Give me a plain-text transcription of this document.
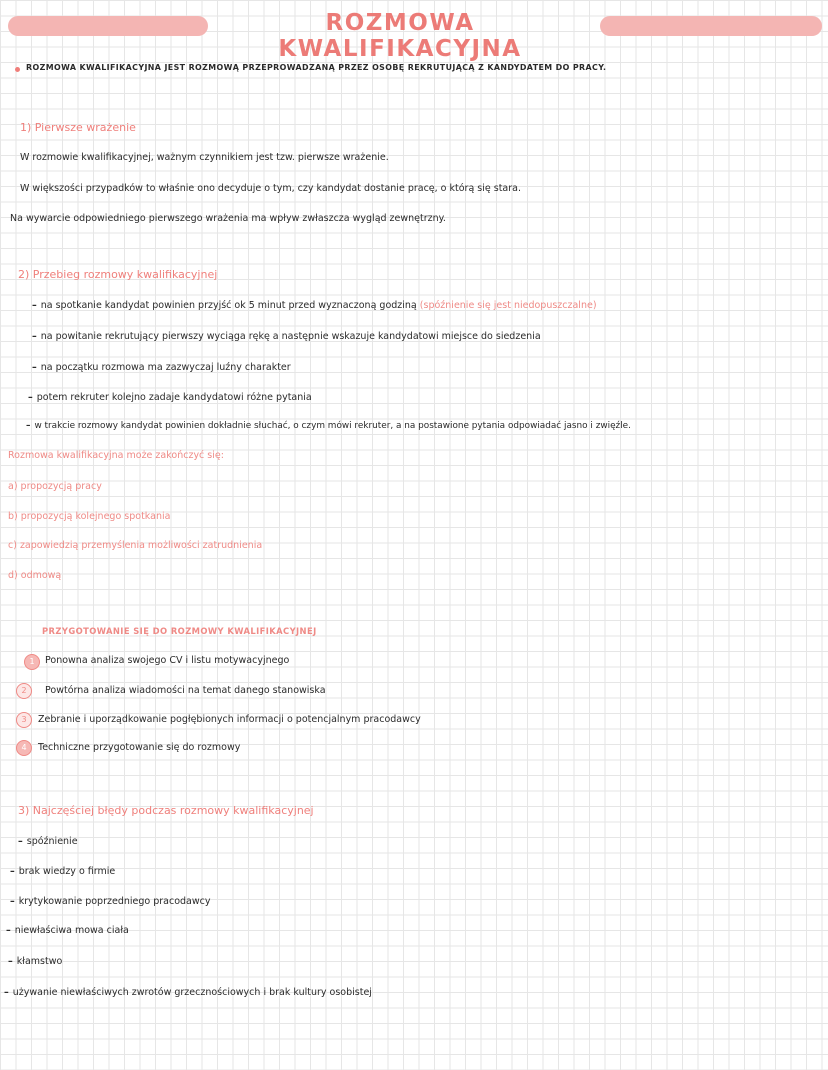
ROZMOWA KWALIFIKACYJNA
ROZMOWA KWALIFIKACYJNA JEST ROZMOWĄ PRZEPROWADZANĄ PRZEZ OSOBĘ REKRUTUJĄCĄ Z KANDYDATEM DO PRACY.
1) Pierwsze wrażenie
W rozmowie kwalifikacyjnej, ważnym czynnikiem jest tzw. pierwsze wrażenie.
W większości przypadków to właśnie ono decyduje o tym, czy kandydat dostanie pracę, o którą się stara.
Na wywarcie odpowiedniego pierwszego wrażenia ma wpływ zwłaszcza wygląd zewnętrzny.
2) Przebieg rozmowy kwalifikacyjnej
– na spotkanie kandydat powinien przyjść ok 5 minut przed wyznaczoną godziną (spóźnienie się jest niedopuszczalne)
– na powitanie rekrutujący pierwszy wyciąga rękę a następnie wskazuje kandydatowi miejsce do siedzenia
– na początku rozmowa ma zazwyczaj luźny charakter
– potem rekruter kolejno zadaje kandydatowi różne pytania
– w trakcie rozmowy kandydat powinien dokładnie słuchać, o czym mówi rekruter, a na postawione pytania odpowiadać jasno i zwięźle.
Rozmowa kwalifikacyjna może zakończyć się:
a) propozycją pracy
b) propozycją kolejnego spotkania
c) zapowiedzią przemyślenia możliwości zatrudnienia
d) odmową
PRZYGOTOWANIE SIĘ DO ROZMOWY KWALIFIKACYJNEJ
1	Ponowna analiza swojego CV i listu motywacyjnego
2	Powtórna analiza wiadomości na temat danego stanowiska
3	Zebranie i uporządkowanie pogłębionych informacji o potencjalnym pracodawcy
4	Techniczne przygotowanie się do rozmowy
3) Najczęściej błędy podczas rozmowy kwalifikacyjnej
– spóźnienie
– brak wiedzy o firmie
– krytykowanie poprzedniego pracodawcy
– niewłaściwa mowa ciała
– kłamstwo
– używanie niewłaściwych zwrotów grzecznościowych i brak kultury osobistej
